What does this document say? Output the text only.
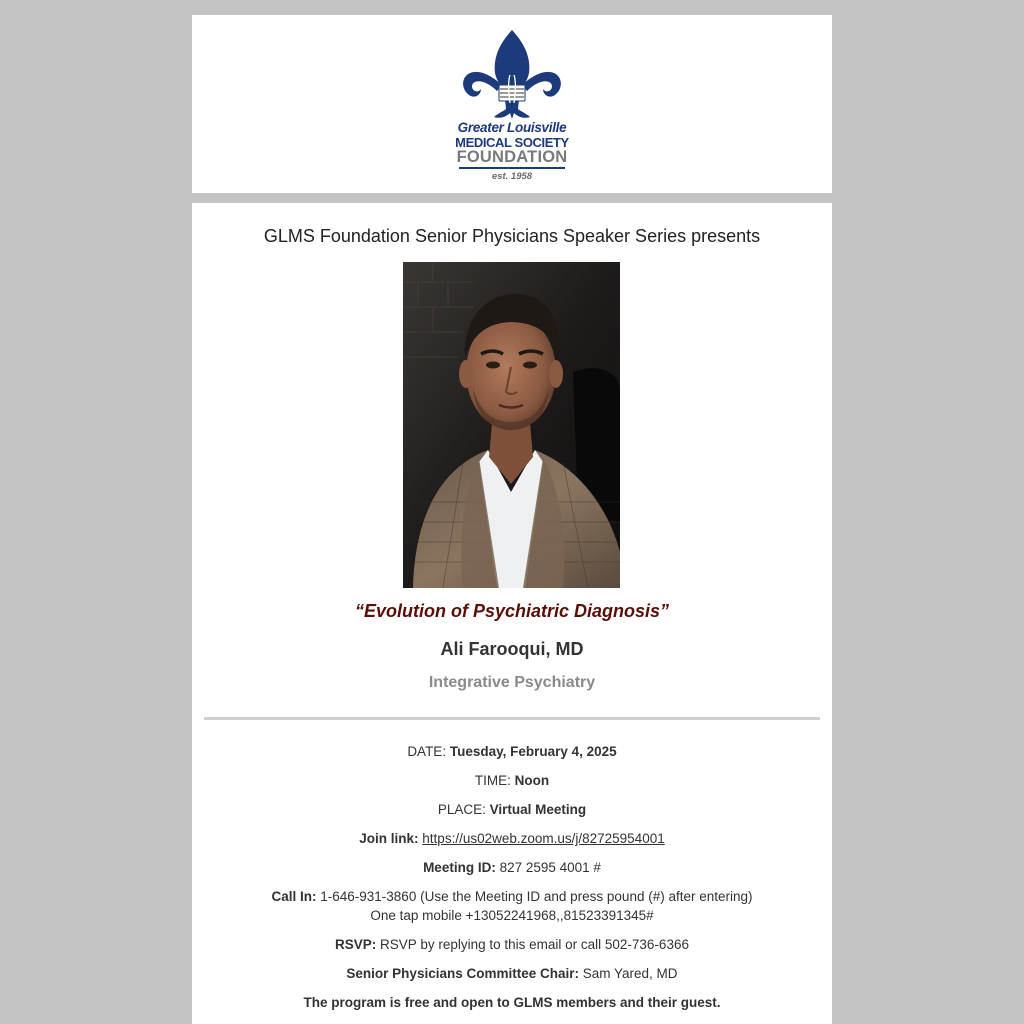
Greater Louisville
MEDICAL SOCIETY
FOUNDATION
est. 1958
GLMS Foundation Senior Physicians Speaker Series presents
“Evolution of Psychiatric Diagnosis”
Ali Farooqui, MD
Integrative Psychiatry
DATE: Tuesday, February 4, 2025
TIME: Noon
PLACE: Virtual Meeting
Join link: https://us02web.zoom.us/j/82725954001
Meeting ID: 827 2595 4001 #
Call In: 1-646-931-3860 (Use the Meeting ID and press pound (#) after entering)
One tap mobile +13052241968,,81523391345#
RSVP: RSVP by replying to this email or call 502-736-6366
Senior Physicians Committee Chair: Sam Yared, MD
The program is free and open to GLMS members and their guest.
